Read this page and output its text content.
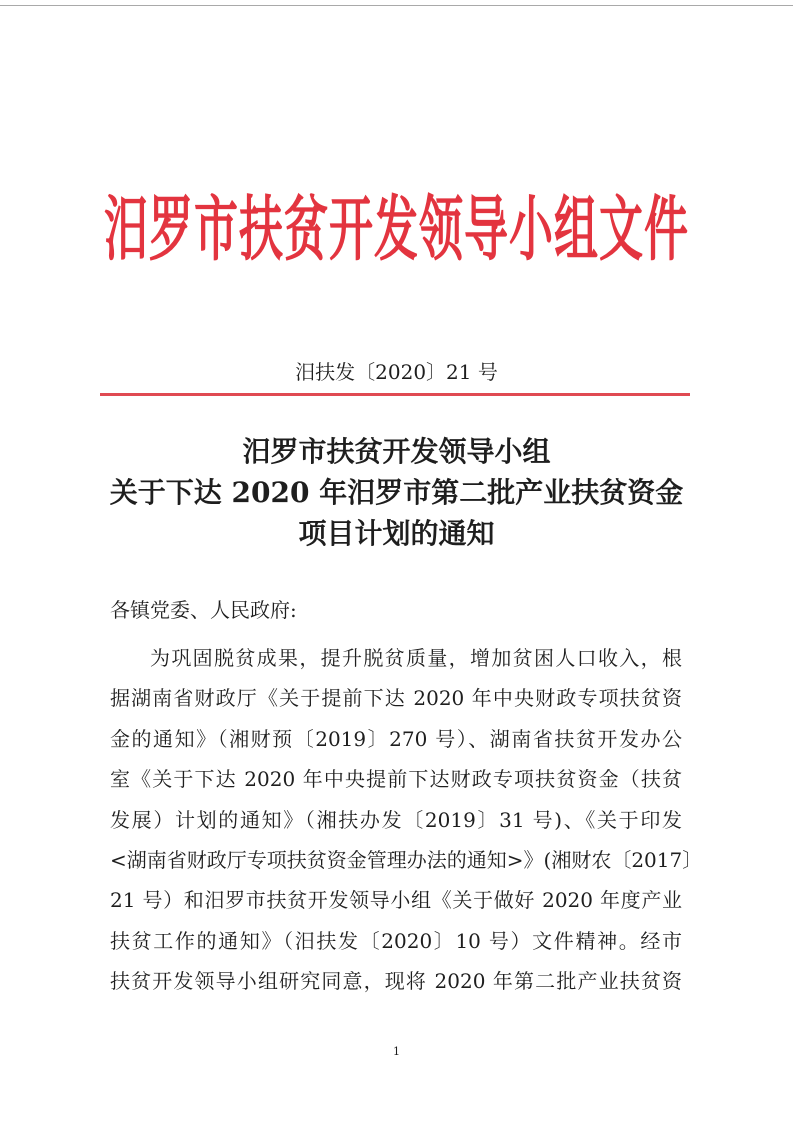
汨罗市扶贫开发领导小组文件
汨扶发〔2020〕21 号
汨罗市扶贫开发领导小组
关于下达 2020 年汨罗市第二批产业扶贫资金
项目计划的通知
各镇党委、人民政府:
为巩固脱贫成果，提升脱贫质量，增加贫困人口收入，根
据湖南省财政厅《关于提前下达 2020 年中央财政专项扶贫资
金的通知》（湘财预〔2019〕270 号）、湖南省扶贫开发办公
室《关于下达 2020 年中央提前下达财政专项扶贫资金（扶贫
发展）计划的通知》（湘扶办发〔2019〕31 号)、《关于印发
<湖南省财政厅专项扶贫资金管理办法的通知>》(湘财农〔2017〕
21 号）和汨罗市扶贫开发领导小组《关于做好 2020 年度产业
扶贫工作的通知》（汨扶发〔2020〕10 号）文件精神。经市
扶贫开发领导小组研究同意，现将 2020 年第二批产业扶贫资
1
